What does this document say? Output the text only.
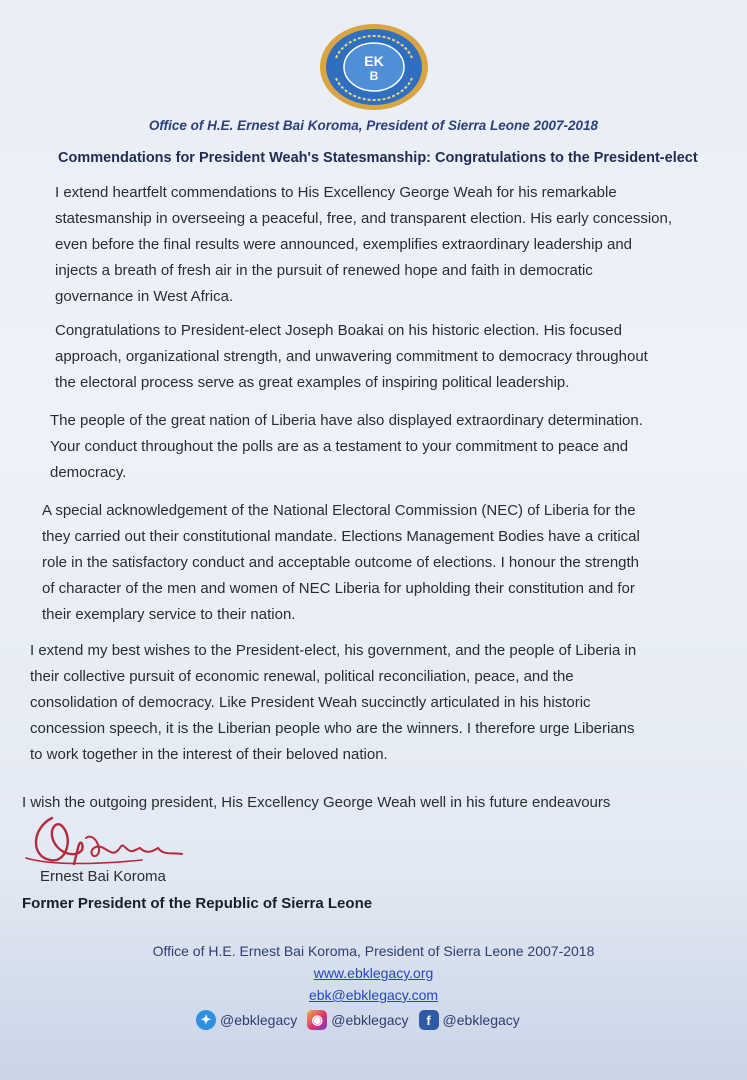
EK
B
Office of H.E. Ernest Bai Koroma, President of Sierra Leone 2007-2018
Commendations for President Weah's Statesmanship: Congratulations to the President-elect
I extend heartfelt commendations to His Excellency George Weah for his remarkable
statesmanship in overseeing a peaceful, free, and transparent election. His early concession,
even before the final results were announced, exemplifies extraordinary leadership and
injects a breath of fresh air in the pursuit of renewed hope and faith in democratic
governance in West Africa.
Congratulations to President-elect Joseph Boakai on his historic election. His focused
approach, organizational strength, and unwavering commitment to democracy throughout
the electoral process serve as great examples of inspiring political leadership.
The people of the great nation of Liberia have also displayed extraordinary determination.
Your conduct throughout the polls are as a testament to your commitment to peace and
democracy.
A special acknowledgement of the National Electoral Commission (NEC) of Liberia for the
they carried out their constitutional mandate. Elections Management Bodies have a critical
role in the satisfactory conduct and acceptable outcome of elections. I honour the strength
of character of the men and women of NEC Liberia for upholding their constitution and for
their exemplary service to their nation.
I extend my best wishes to the President-elect, his government, and the people of Liberia in
their collective pursuit of economic renewal, political reconciliation, peace, and the
consolidation of democracy. Like President Weah succinctly articulated in his historic
concession speech, it is the Liberian people who are the winners. I therefore urge Liberians
to work together in the interest of their beloved nation.
I wish the outgoing president, His Excellency George Weah well in his future endeavours
Ernest Bai Koroma
Former President of the Republic of Sierra Leone
Office of H.E. Ernest Bai Koroma, President of Sierra Leone 2007-2018
www.ebklegacy.org
ebk@ebklegacy.com
✦ @ebklegacy	◉ @ebklegacy	f @ebklegacy
